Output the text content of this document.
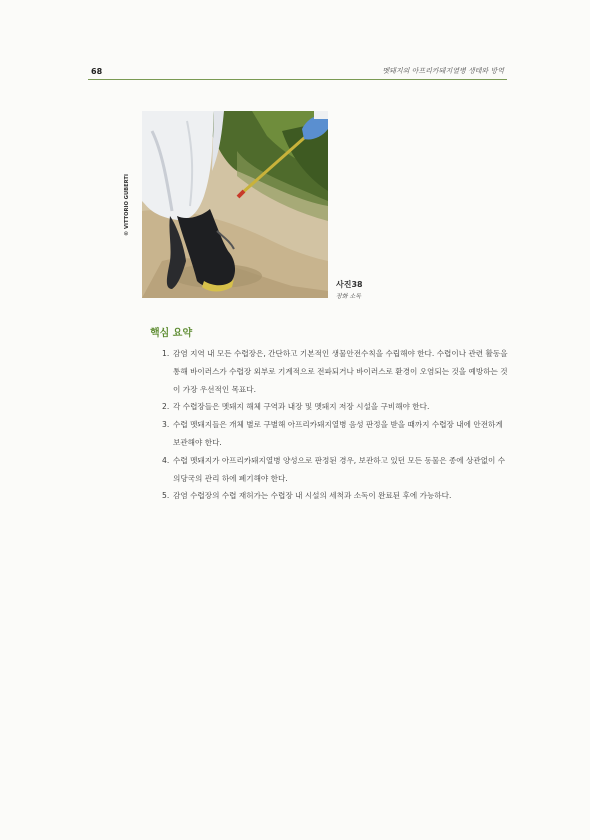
68	멧돼지의 아프리카돼지열병 생태와 방역
© VITTORIO GUBERTI
사진38
장화 소독
핵심 요약
1. 감염 지역 내 모든 수렵장은, 간단하고 기본적인 생물안전수칙을 수립해야 한다. 수렵이나 관련 활동을 통해 바이러스가 수렵장 외부로 기계적으로 전파되거나 바이러스로 환경이 오염되는 것을 예방하는 것이 가장 우선적인 목표다.
2. 각 수렵장들은 멧돼지 해체 구역과 내장 및 멧돼지 저장 시설을 구비해야 한다.
3. 수렵 멧돼지들은 개체 별로 구별해 아프리카돼지열병 음성 판정을 받을 때까지 수렵장 내에 안전하게 보관해야 한다.
4. 수렵 멧돼지가 아프리카돼지열병 양성으로 판정된 경우, 보관하고 있던 모든 동물은 종에 상관없이 수의당국의 관리 하에 폐기해야 한다.
5. 감염 수렵장의 수렵 재허가는 수렵장 내 시설의 세척과 소독이 완료된 후에 가능하다.
